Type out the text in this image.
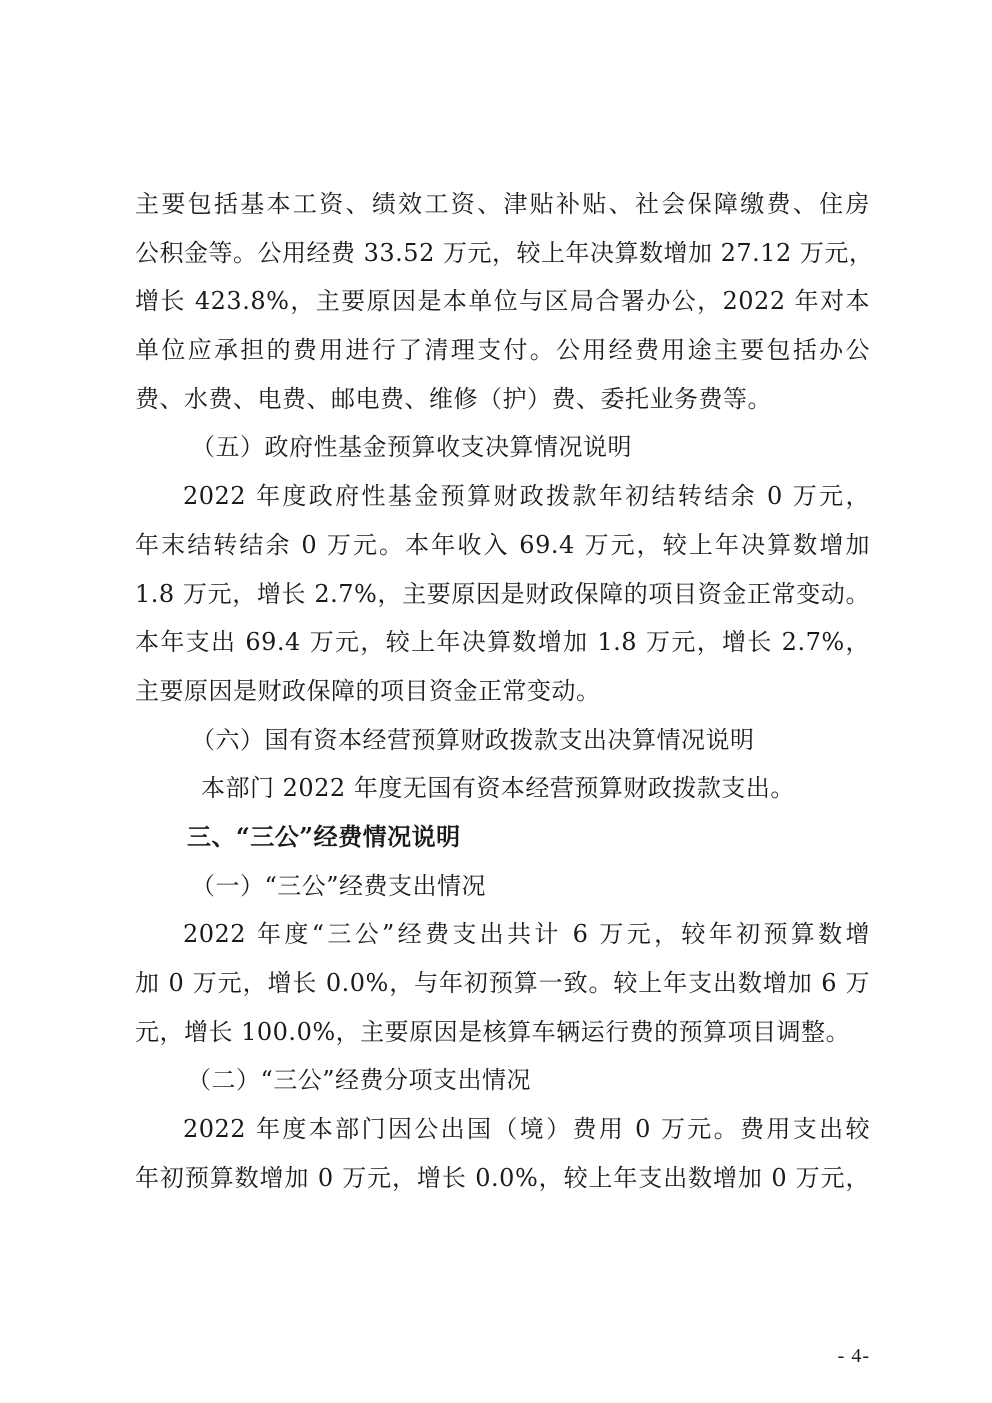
主要包括基本工资、绩效工资、津贴补贴、社会保障缴费、住房
公积金等。公用经费 33.52 万元，较上年决算数增加 27.12 万元，
增长 423.8%，主要原因是本单位与区局合署办公，2022 年对本
单位应承担的费用进行了清理支付。公用经费用途主要包括办公
费、水费、电费、邮电费、维修（护）费、委托业务费等。
（五）政府性基金预算收支决算情况说明
2022 年度政府性基金预算财政拨款年初结转结余 0 万元，
年末结转结余 0 万元。本年收入 69.4 万元，较上年决算数增加
1.8 万元，增长 2.7%，主要原因是财政保障的项目资金正常变动。
本年支出 69.4 万元，较上年决算数增加 1.8 万元，增长 2.7%，
主要原因是财政保障的项目资金正常变动。
（六）国有资本经营预算财政拨款支出决算情况说明
本部门 2022 年度无国有资本经营预算财政拨款支出。
三、“三公”经费情况说明
（一）“三公”经费支出情况
2022 年度“三公”经费支出共计 6 万元，较年初预算数增
加 0 万元，增长 0.0%，与年初预算一致。较上年支出数增加 6 万
元，增长 100.0%，主要原因是核算车辆运行费的预算项目调整。
（二）“三公”经费分项支出情况
2022 年度本部门因公出国（境）费用 0 万元。费用支出较
年初预算数增加 0 万元，增长 0.0%，较上年支出数增加 0 万元，
- 4-
